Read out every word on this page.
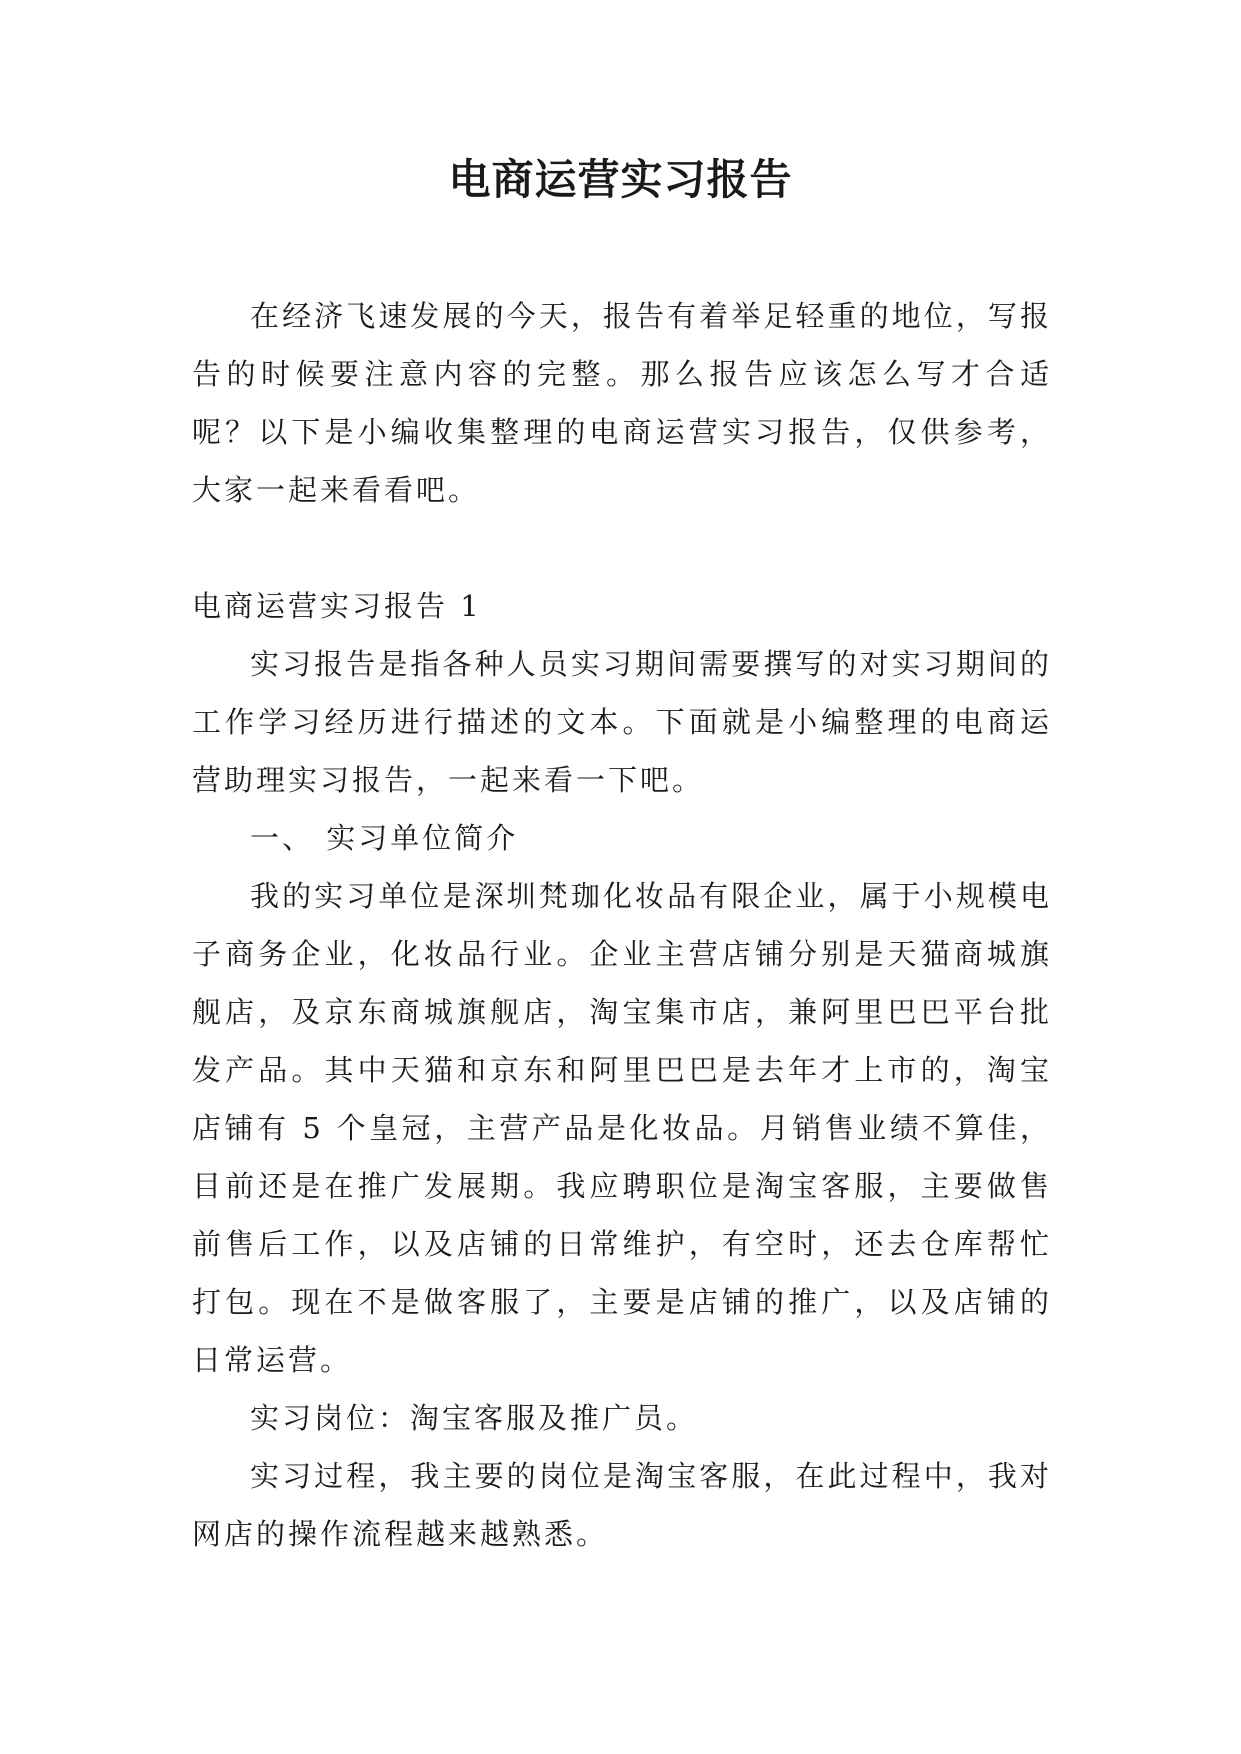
电商运营实习报告

在经济飞速发展的今天，报告有着举足轻重的地位，写报告的时候要注意内容的完整。那么报告应该怎么写才合适呢？以下是小编收集整理的电商运营实习报告，仅供参考，大家一起来看看吧。

电商运营实习报告 1

实习报告是指各种人员实习期间需要撰写的对实习期间的工作学习经历进行描述的文本。下面就是小编整理的电商运营助理实习报告，一起来看一下吧。

一、 实习单位简介

我的实习单位是深圳梵珈化妆品有限企业，属于小规模电子商务企业，化妆品行业。企业主营店铺分别是天猫商城旗舰店，及京东商城旗舰店，淘宝集市店，兼阿里巴巴平台批发产品。其中天猫和京东和阿里巴巴是去年才上市的，淘宝店铺有 5 个皇冠，主营产品是化妆品。月销售业绩不算佳，目前还是在推广发展期。我应聘职位是淘宝客服，主要做售前售后工作，以及店铺的日常维护，有空时，还去仓库帮忙打包。现在不是做客服了，主要是店铺的推广，以及店铺的日常运营。

实习岗位：淘宝客服及推广员。

实习过程，我主要的岗位是淘宝客服，在此过程中，我对网店的操作流程越来越熟悉。
